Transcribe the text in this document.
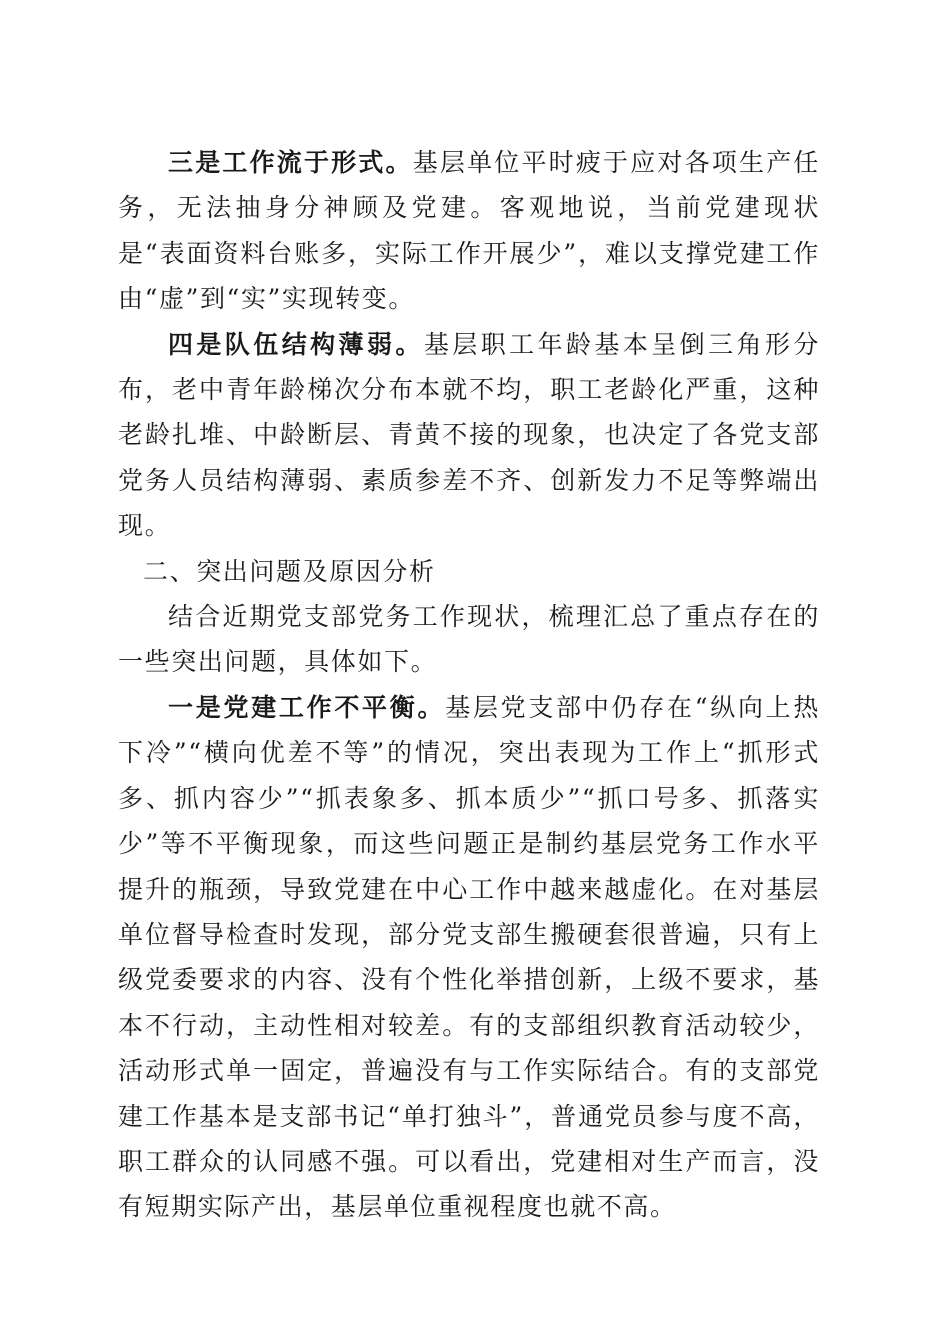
三是工作流于形式。基层单位平时疲于应对各项生产任务，无法抽身分神顾及党建。客观地说，当前党建现状是“表面资料台账多，实际工作开展少”，难以支撑党建工作由“虚”到“实”实现转变。

四是队伍结构薄弱。基层职工年龄基本呈倒三角形分布，老中青年龄梯次分布本就不均，职工老龄化严重，这种老龄扎堆、中龄断层、青黄不接的现象，也决定了各党支部党务人员结构薄弱、素质参差不齐、创新发力不足等弊端出现。

二、突出问题及原因分析

结合近期党支部党务工作现状，梳理汇总了重点存在的一些突出问题，具体如下。

一是党建工作不平衡。基层党支部中仍存在“纵向上热下冷”“横向优差不等”的情况，突出表现为工作上“抓形式多、抓内容少”“抓表象多、抓本质少”“抓口号多、抓落实少”等不平衡现象，而这些问题正是制约基层党务工作水平提升的瓶颈，导致党建在中心工作中越来越虚化。在对基层单位督导检查时发现，部分党支部生搬硬套很普遍，只有上级党委要求的内容、没有个性化举措创新，上级不要求，基本不行动，主动性相对较差。有的支部组织教育活动较少，活动形式单一固定，普遍没有与工作实际结合。有的支部党建工作基本是支部书记“单打独斗”，普通党员参与度不高，职工群众的认同感不强。可以看出，党建相对生产而言，没有短期实际产出，基层单位重视程度也就不高。
